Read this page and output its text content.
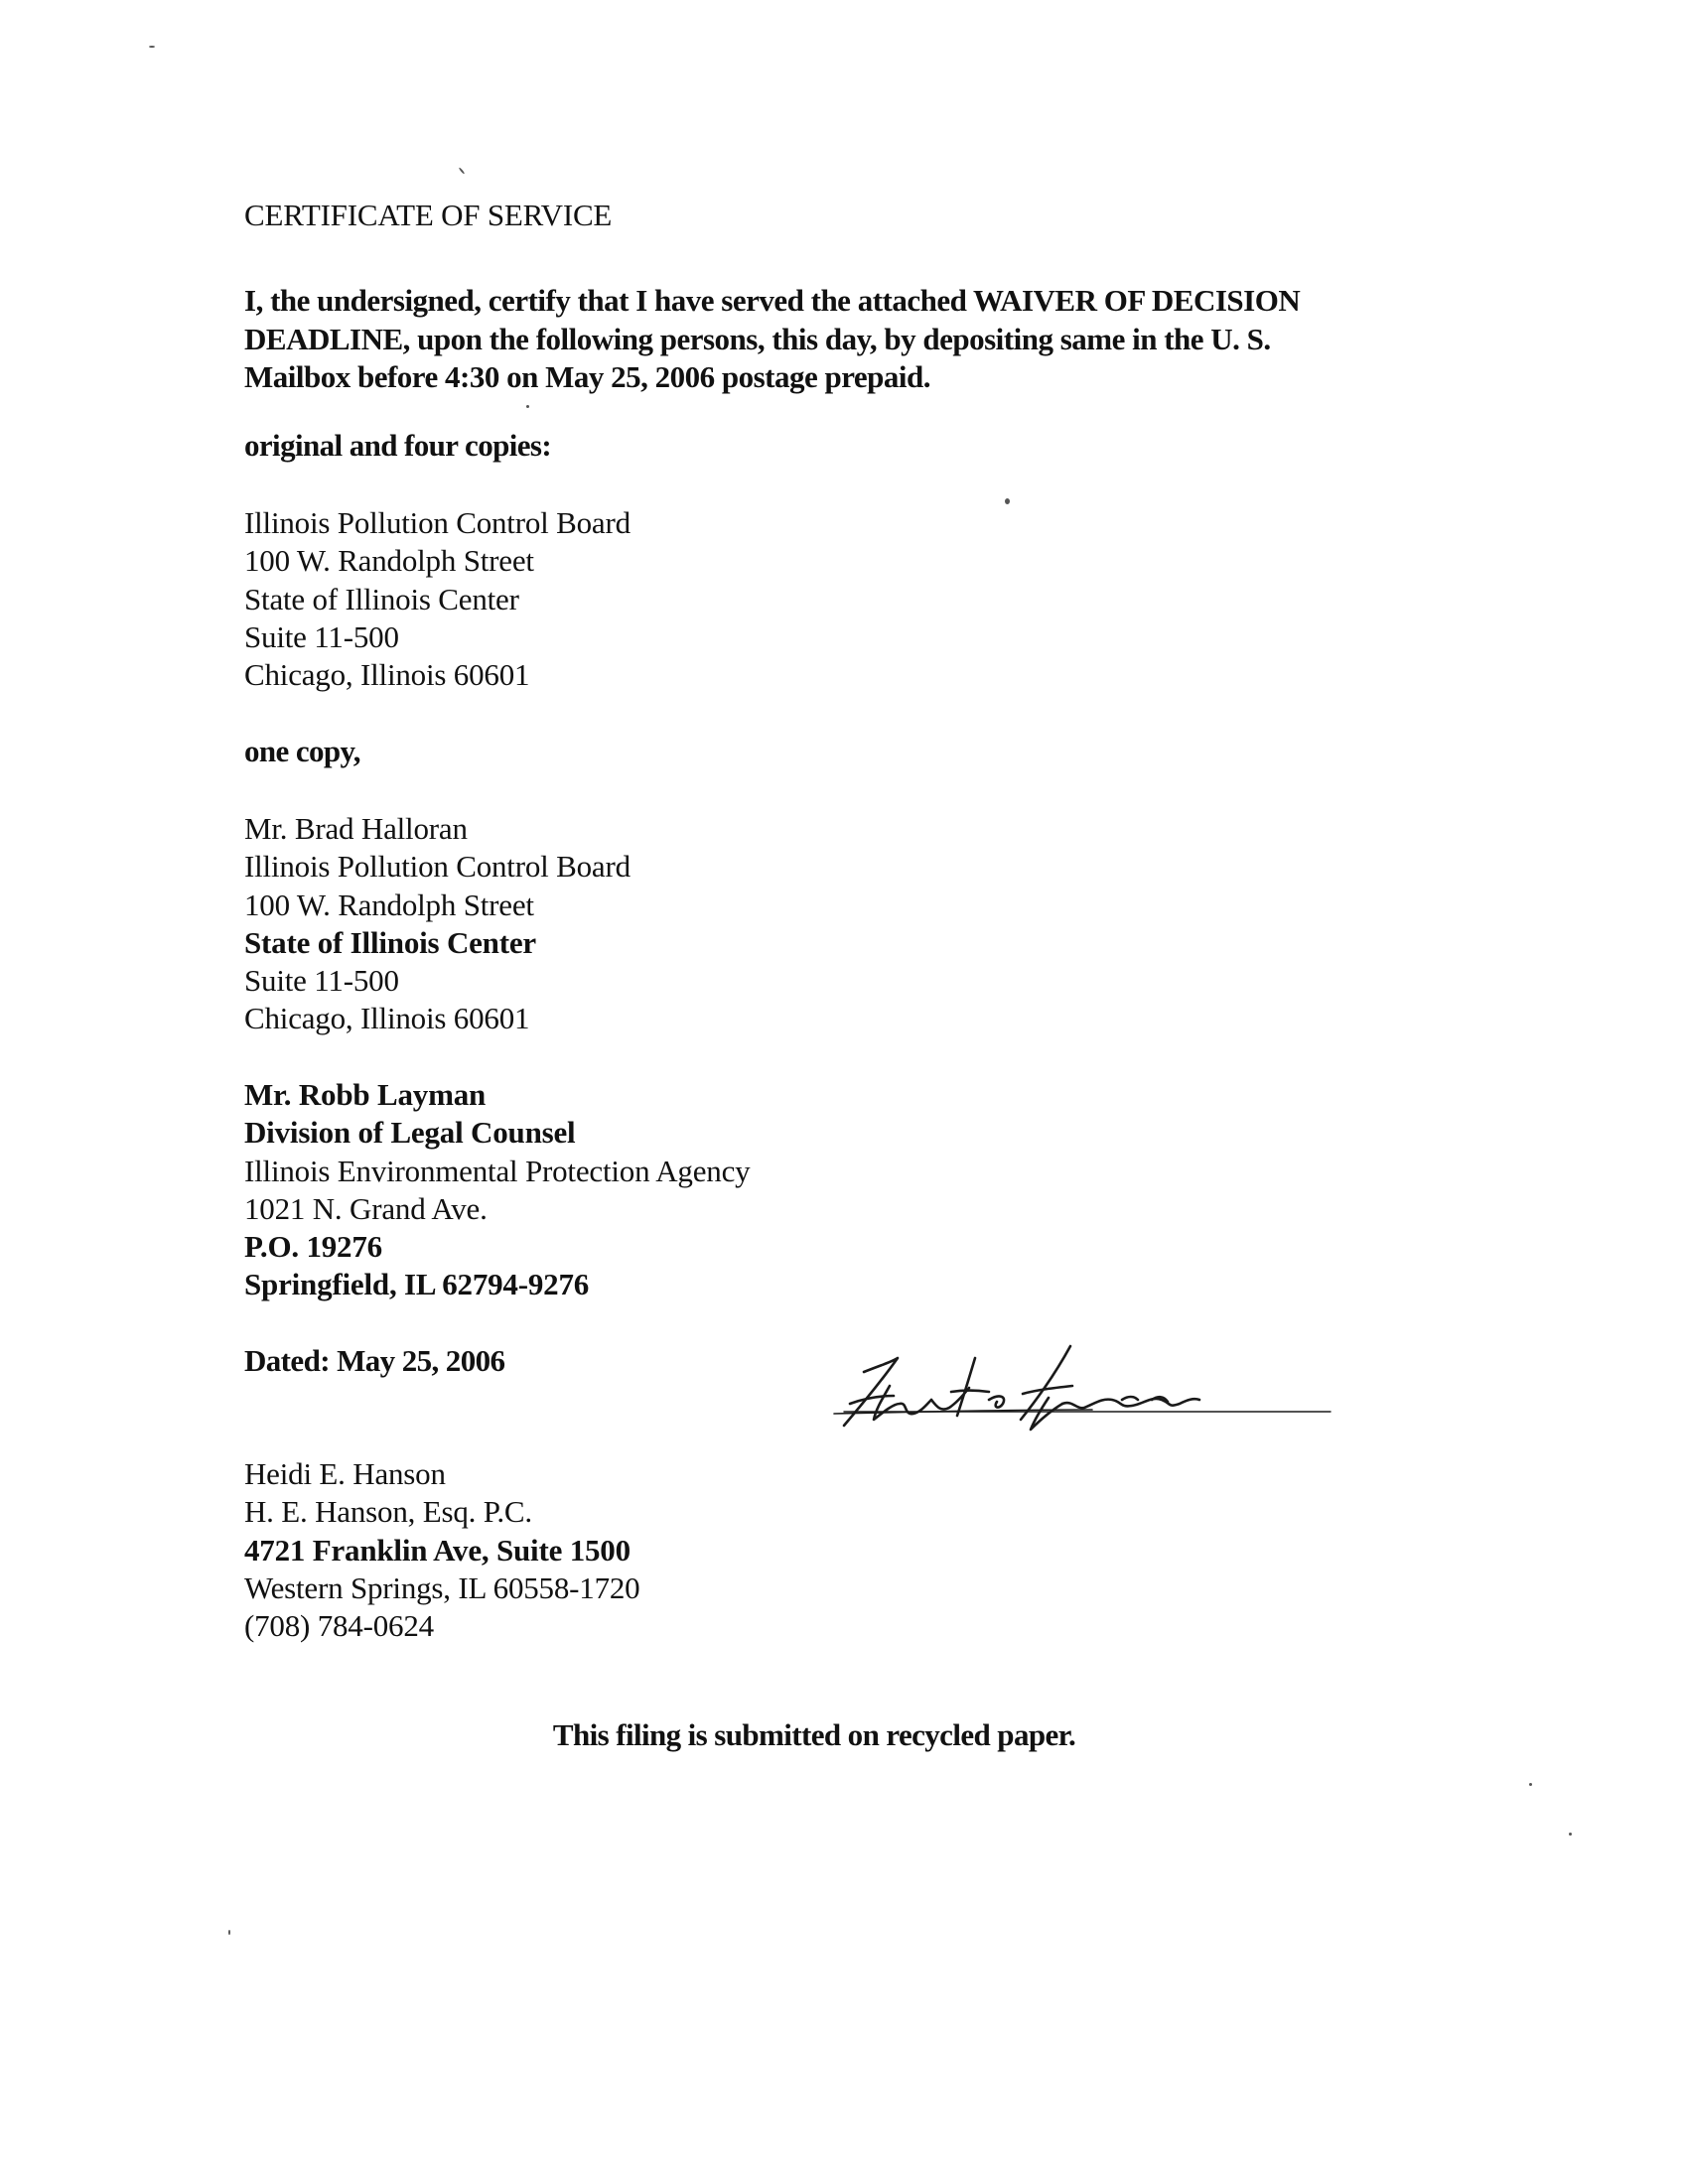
CERTIFICATE OF SERVICE
I, the undersigned, certify that I have served the attached WAIVER OF DECISION
DEADLINE, upon the following persons, this day, by depositing same in the U. S.
Mailbox before 4:30 on May 25, 2006 postage prepaid.
original and four copies:
Illinois Pollution Control Board
100 W. Randolph Street
State of Illinois Center
Suite 11-500
Chicago, Illinois 60601
one copy,
Mr. Brad Halloran
Illinois Pollution Control Board
100 W. Randolph Street
State of Illinois Center
Suite 11-500
Chicago, Illinois 60601
Mr. Robb Layman
Division of Legal Counsel
Illinois Environmental Protection Agency
1021 N. Grand Ave.
P.O. 19276
Springfield, IL 62794-9276
Dated: May 25, 2006
Heidi E. Hanson
H. E. Hanson, Esq. P.C.
4721 Franklin Ave, Suite 1500
Western Springs, IL 60558-1720
(708) 784-0624
This filing is submitted on recycled paper.
